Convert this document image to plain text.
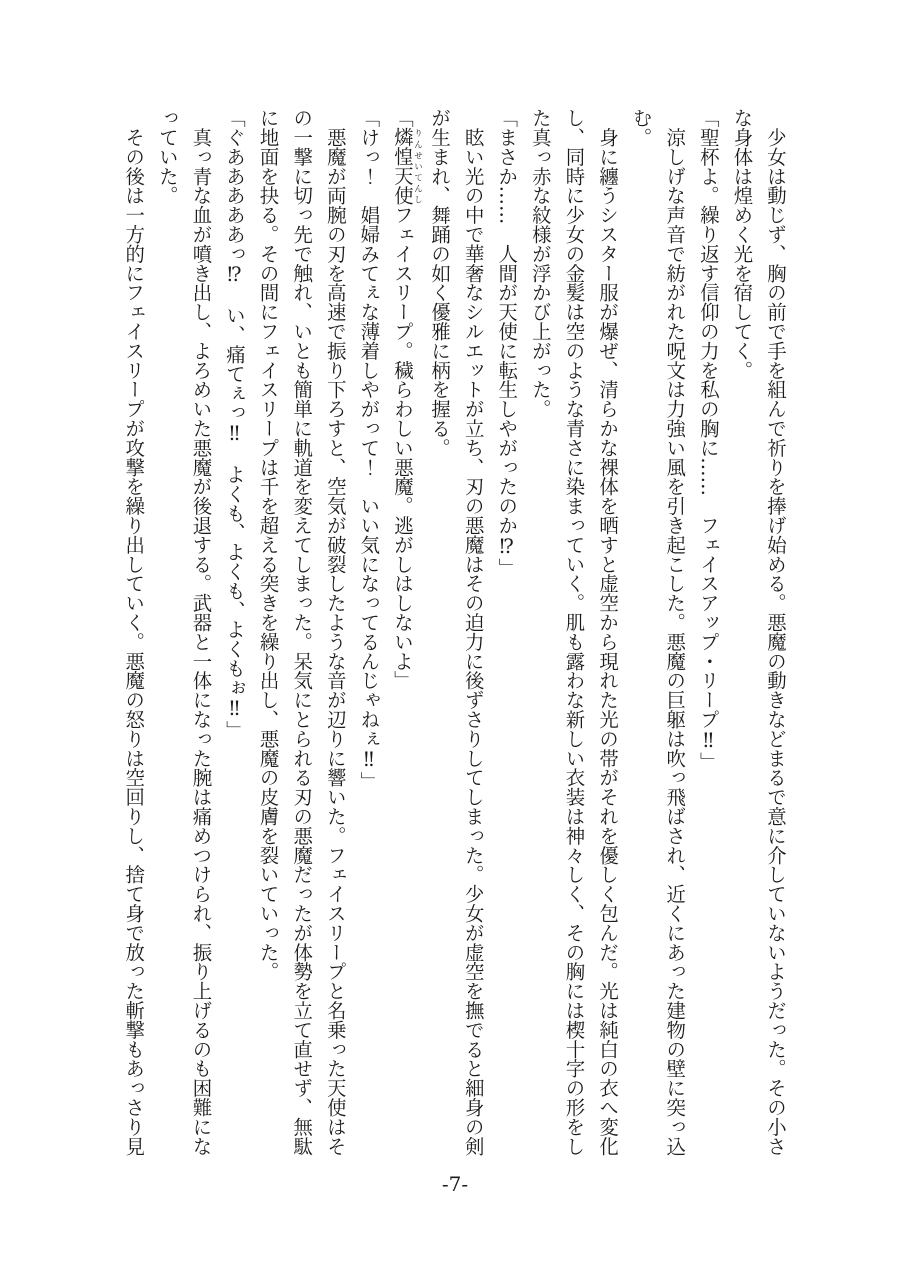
　少女は動じず、胸の前で手を組んで祈りを捧げ始める。悪魔の動きなどまるで意に介していないようだった。その小さな身体は煌めく光を宿してく。

「聖杯よ。繰り返す信仰の力を私の胸に……　フェイスアップ・リープ‼」

　涼しげな声音で紡がれた呪文は力強い風を引き起こした。悪魔の巨躯は吹っ飛ばされ、近くにあった建物の壁に突っ込む。

　身に纏うシスター服が爆ぜ、清らかな裸体を晒すと虚空から現れた光の帯がそれを優しく包んだ。光は純白の衣へ変化し、同時に少女の金髪は空のような青さに染まっていく。肌も露わな新しい衣装は神々しく、その胸には楔十字の形をした真っ赤な紋様が浮かび上がった。

「まさか……　人間が天使に転生しやがったのか⁉」

　眩い光の中で華奢なシルエットが立ち、刃の悪魔はその迫力に後ずさりしてしまった。少女が虚空を撫でると細身の剣が生まれ、舞踊の如く優雅に柄を握る。

「燐惶天使りんせいてんしフェイスリープ。穢らわしい悪魔。逃がしはしないよ」

「けっ！　娼婦みてぇな薄着しやがって！　いい気になってるんじゃねぇ‼」

　悪魔が両腕の刃を高速で振り下ろすと、空気が破裂したような音が辺りに響いた。フェイスリープと名乗った天使はその一撃に切っ先で触れ、いとも簡単に軌道を変えてしまった。呆気にとられる刃の悪魔だったが体勢を立て直せず、無駄に地面を抉る。その間にフェイスリープは千を超える突きを繰り出し、悪魔の皮膚を裂いていった。

「ぐあああああっ⁉　い、痛てぇっ‼　よくも、よくも、よくもぉ‼」

　真っ青な血が噴き出し、よろめいた悪魔が後退する。武器と一体になった腕は痛めつけられ、振り上げるのも困難になっていた。

　その後は一方的にフェイスリープが攻撃を繰り出していく。悪魔の怒りは空回りし、捨て身で放った斬撃もあっさり見

-7-
